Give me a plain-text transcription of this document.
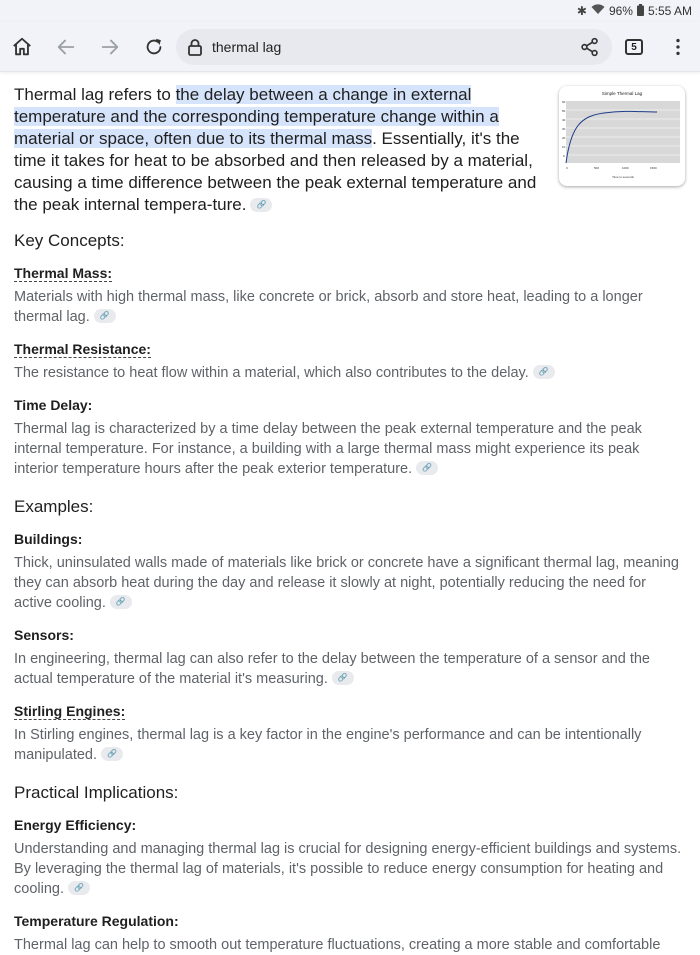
✱ 96% 5:55 AM
thermal lag	5
Thermal lag refers to the delay between a change in external temperature and the corresponding temperature change within a material or space, often due to its thermal mass. Essentially, it's the time it takes for heat to be absorbed and then released by a material, causing a time difference between the peak external temperature and the peak internal tempera-ture. 🔗
Simple Thermal Lag
60
50
40
30
20
10
0
0	500	1000	1500
Time in seconds
Key Concepts:
Thermal Mass:
Materials with high thermal mass, like concrete or brick, absorb and store heat, leading to a longer thermal lag. 🔗
Thermal Resistance:
The resistance to heat flow within a material, which also contributes to the delay. 🔗
Time Delay:
Thermal lag is characterized by a time delay between the peak external temperature and the peak internal temperature. For instance, a building with a large thermal mass might experience its peak interior temperature hours after the peak exterior temperature. 🔗
Examples:
Buildings:
Thick, uninsulated walls made of materials like brick or concrete have a significant thermal lag, meaning they can absorb heat during the day and release it slowly at night, potentially reducing the need for active cooling. 🔗
Sensors:
In engineering, thermal lag can also refer to the delay between the temperature of a sensor and the actual temperature of the material it's measuring. 🔗
Stirling Engines:
In Stirling engines, thermal lag is a key factor in the engine's performance and can be intentionally manipulated. 🔗
Practical Implications:
Energy Efficiency:
Understanding and managing thermal lag is crucial for designing energy-efficient buildings and systems. By leveraging the thermal lag of materials, it's possible to reduce energy consumption for heating and cooling. 🔗
Temperature Regulation:
Thermal lag can help to smooth out temperature fluctuations, creating a more stable and comfortable
